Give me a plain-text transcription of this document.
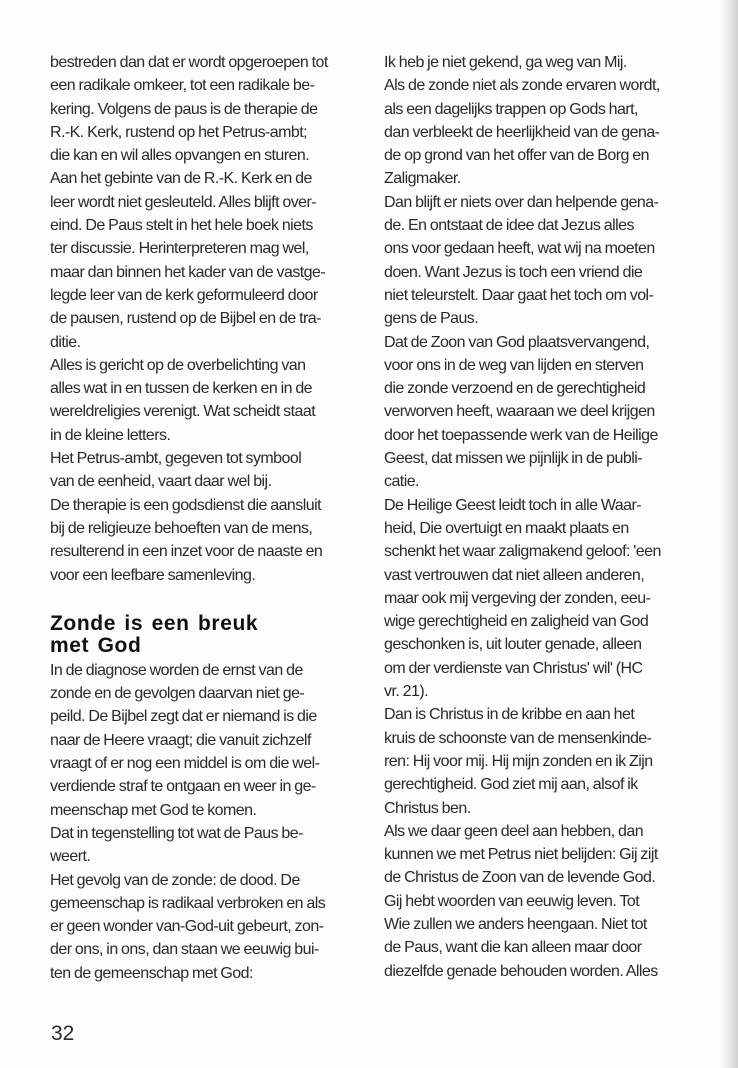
bestreden dan dat er wordt opgeroepen tot
een radikale omkeer, tot een radikale be-
kering. Volgens de paus is de therapie de
R.-K. Kerk, rustend op het Petrus-ambt;
die kan en wil alles opvangen en sturen.
Aan het gebinte van de R.-K. Kerk en de
leer wordt niet gesleuteld. Alles blijft over-
eind. De Paus stelt in het hele boek niets
ter discussie. Herinterpreteren mag wel,
maar dan binnen het kader van de vastge-
legde leer van de kerk geformuleerd door
de pausen, rustend op de Bijbel en de tra-
ditie.
Alles is gericht op de overbelichting van
alles wat in en tussen de kerken en in de
wereldreligies verenigt. Wat scheidt staat
in de kleine letters.
Het Petrus-ambt, gegeven tot symbool
van de eenheid, vaart daar wel bij.
De therapie is een godsdienst die aansluit
bij de religieuze behoeften van de mens,
resulterend in een inzet voor de naaste en
voor een leefbare samenleving.
Zonde is een breuk
met God
In de diagnose worden de ernst van de
zonde en de gevolgen daarvan niet ge-
peild. De Bijbel zegt dat er niemand is die
naar de Heere vraagt; die vanuit zichzelf
vraagt of er nog een middel is om die wel-
verdiende straf te ontgaan en weer in ge-
meenschap met God te komen.
Dat in tegenstelling tot wat de Paus be-
weert.
Het gevolg van de zonde: de dood. De
gemeenschap is radikaal verbroken en als
er geen wonder van-God-uit gebeurt, zon-
der ons, in ons, dan staan we eeuwig bui-
ten de gemeenschap met God:
Ik heb je niet gekend, ga weg van Mij.
Als de zonde niet als zonde ervaren wordt,
als een dagelijks trappen op Gods hart,
dan verbleekt de heerlijkheid van de gena-
de op grond van het offer van de Borg en
Zaligmaker.
Dan blijft er niets over dan helpende gena-
de. En ontstaat de idee dat Jezus alles
ons voor gedaan heeft, wat wij na moeten
doen. Want Jezus is toch een vriend die
niet teleurstelt. Daar gaat het toch om vol-
gens de Paus.
Dat de Zoon van God plaatsvervangend,
voor ons in de weg van lijden en sterven
die zonde verzoend en de gerechtigheid
verworven heeft, waaraan we deel krijgen
door het toepassende werk van de Heilige
Geest, dat missen we pijnlijk in de publi-
catie.
De Heilige Geest leidt toch in alle Waar-
heid, Die overtuigt en maakt plaats en
schenkt het waar zaligmakend geloof: 'een
vast vertrouwen dat niet alleen anderen,
maar ook mij vergeving der zonden, eeu-
wige gerechtigheid en zaligheid van God
geschonken is, uit louter genade, alleen
om der verdienste van Christus' wil' (HC
vr. 21).
Dan is Christus in de kribbe en aan het
kruis de schoonste van de mensenkinde-
ren: Hij voor mij. Hij mijn zonden en ik Zijn
gerechtigheid. God ziet mij aan, alsof ik
Christus ben.
Als we daar geen deel aan hebben, dan
kunnen we met Petrus niet belijden: Gij zijt
de Christus de Zoon van de levende God.
Gij hebt woorden van eeuwig leven. Tot
Wie zullen we anders heengaan. Niet tot
de Paus, want die kan alleen maar door
diezelfde genade behouden worden. Alles
32
